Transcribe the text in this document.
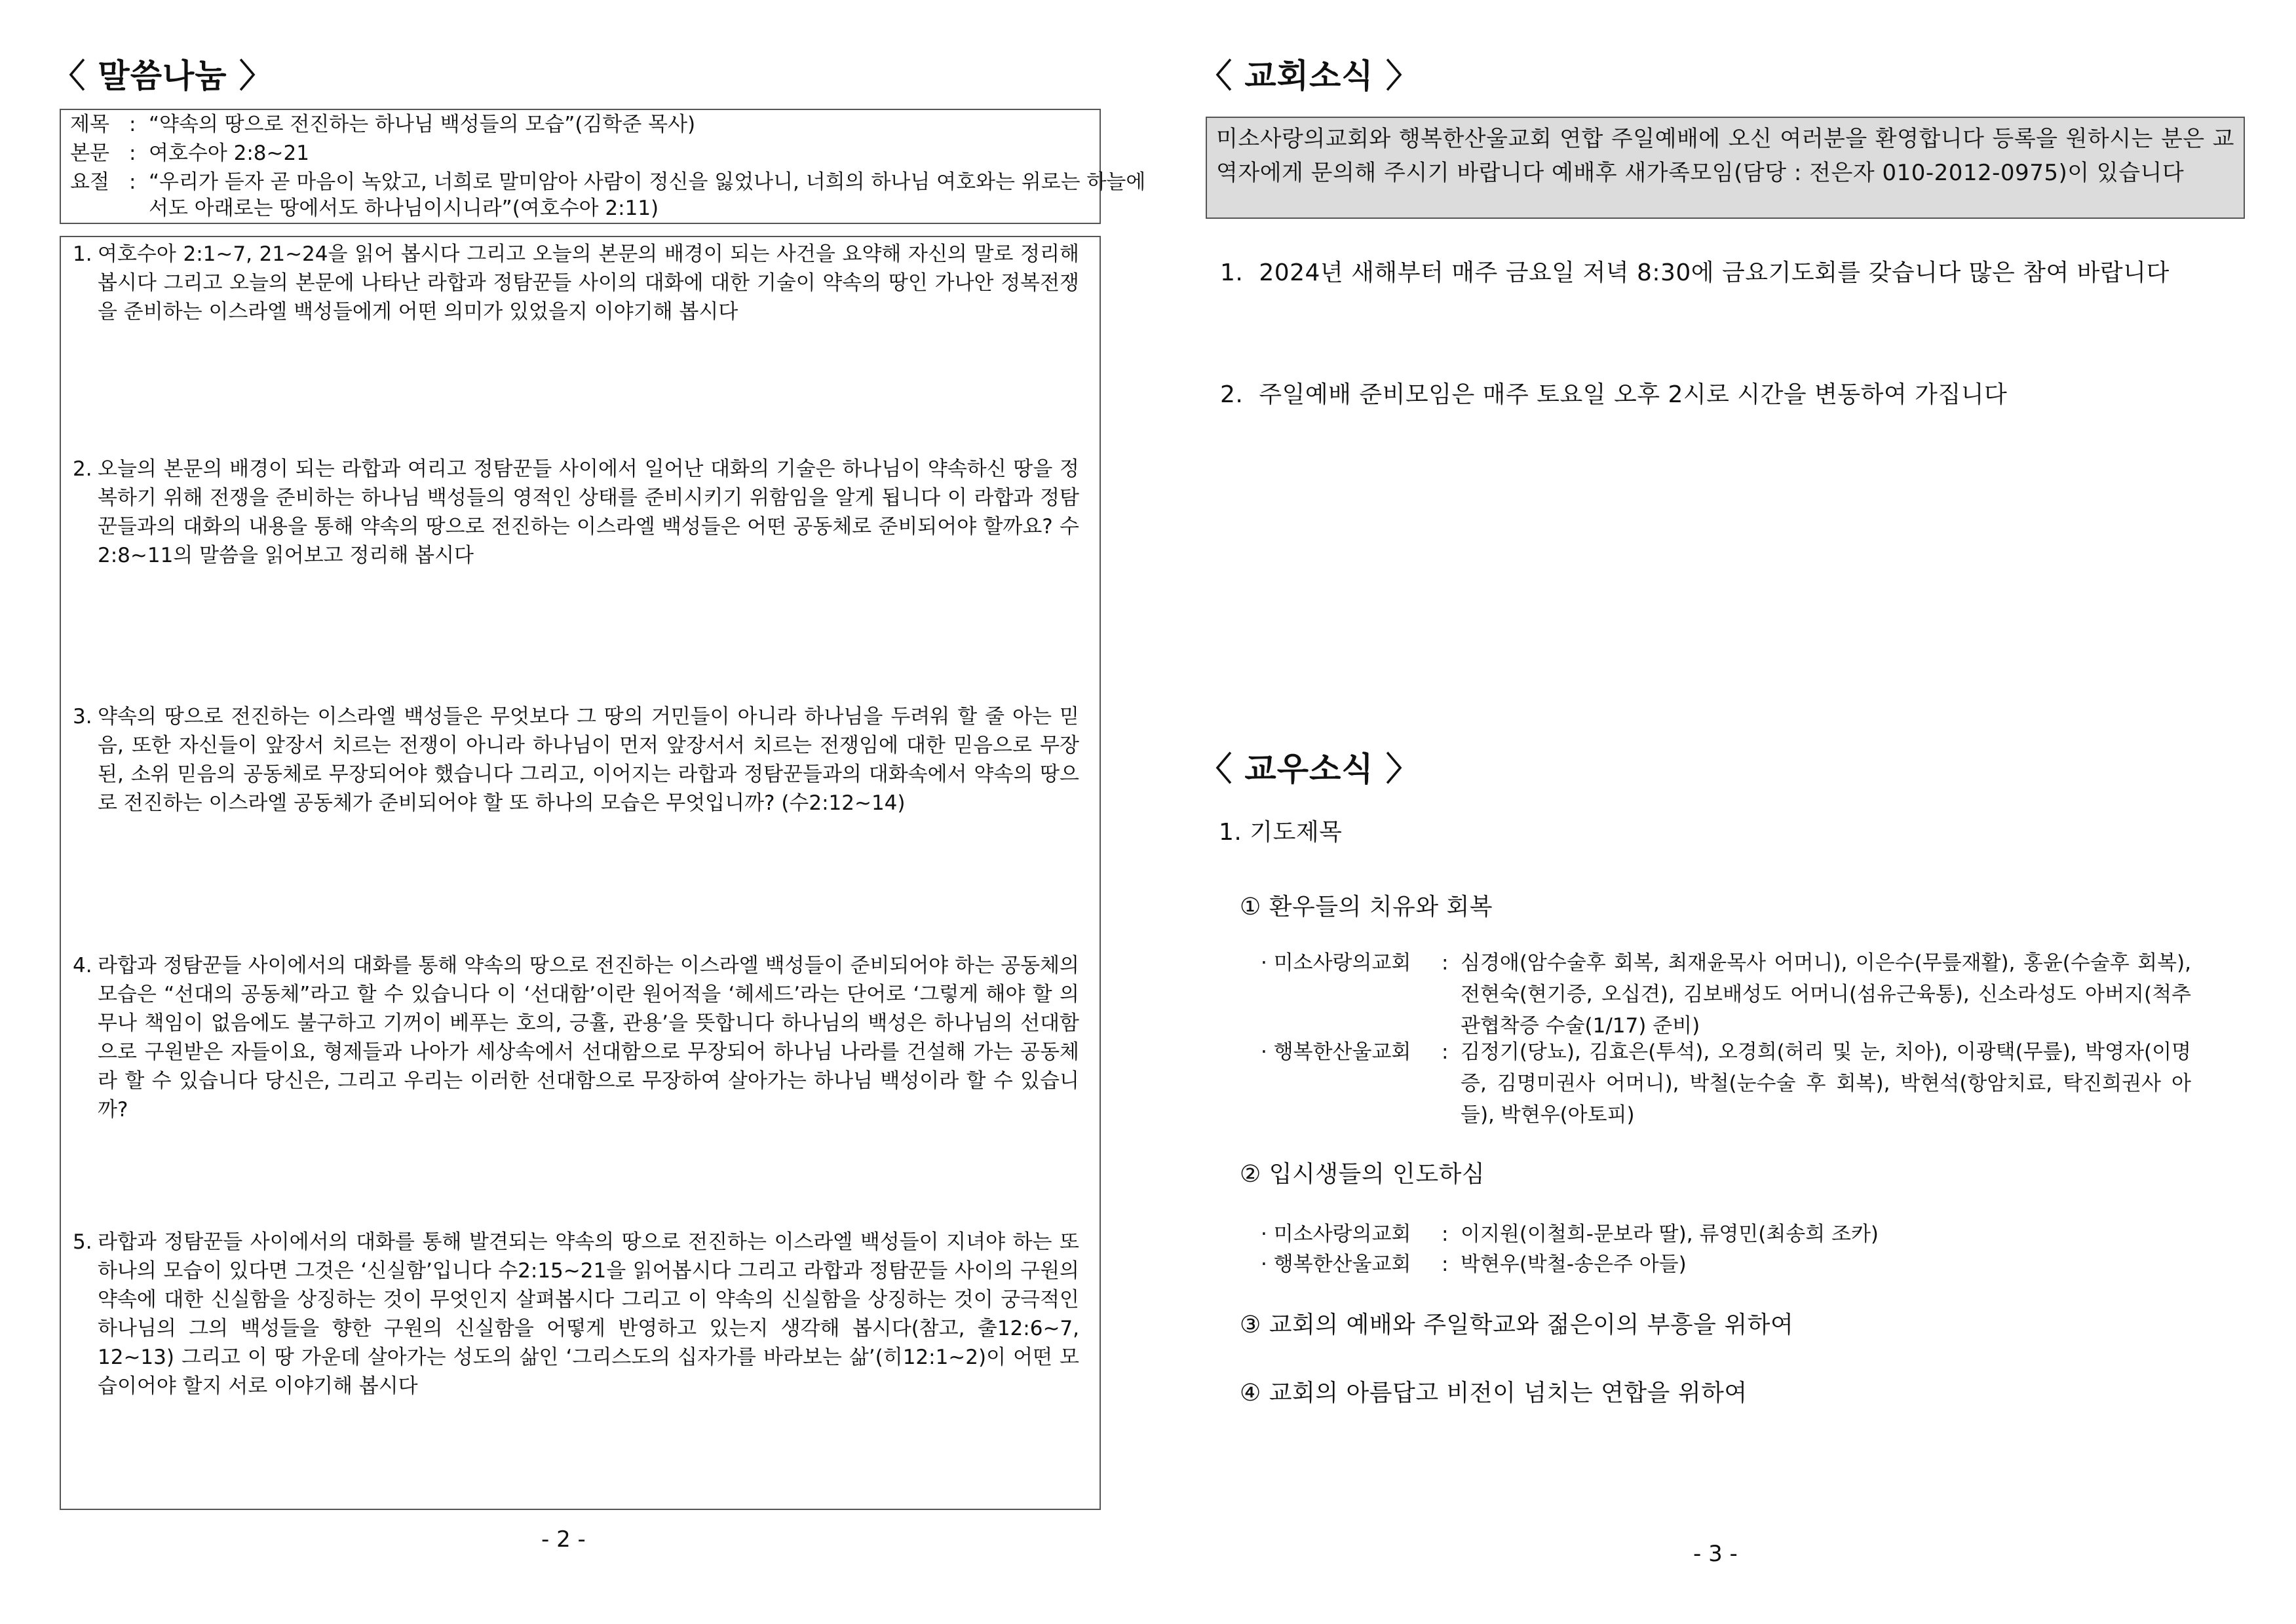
〈 말씀나눔 〉
제목 : “약속의 땅으로 전진하는 하나님 백성들의 모습”(김학준 목사)
본문 : 여호수아 2:8~21
요절 : “우리가 듣자 곧 마음이 녹았고, 너희로 말미암아 사람이 정신을 잃었나니, 너희의 하나님 여호와는 위로는 하늘에
서도 아래로는 땅에서도 하나님이시니라”(여호수아 2:11)
1. 여호수아 2:1~7, 21~24을 읽어 봅시다 그리고 오늘의 본문의 배경이 되는 사건을 요약해 자신의 말로 정리해 봅시다 그리고 오늘의 본문에 나타난 라합과 정탐꾼들 사이의 대화에 대한 기술이 약속의 땅인 가나안 정복전쟁을 준비하는 이스라엘 백성들에게 어떤 의미가 있었을지 이야기해 봅시다
2. 오늘의 본문의 배경이 되는 라합과 여리고 정탐꾼들 사이에서 일어난 대화의 기술은 하나님이 약속하신 땅을 정복하기 위해 전쟁을 준비하는 하나님 백성들의 영적인 상태를 준비시키기 위함임을 알게 됩니다 이 라합과 정탐꾼들과의 대화의 내용을 통해 약속의 땅으로 전진하는 이스라엘 백성들은 어떤 공동체로 준비되어야 할까요? 수2:8~11의 말씀을 읽어보고 정리해 봅시다
3. 약속의 땅으로 전진하는 이스라엘 백성들은 무엇보다 그 땅의 거민들이 아니라 하나님을 두려워 할 줄 아는 믿음, 또한 자신들이 앞장서 치르는 전쟁이 아니라 하나님이 먼저 앞장서서 치르는 전쟁임에 대한 믿음으로 무장된, 소위 믿음의 공동체로 무장되어야 했습니다 그리고, 이어지는 라합과 정탐꾼들과의 대화속에서 약속의 땅으로 전진하는 이스라엘 공동체가 준비되어야 할 또 하나의 모습은 무엇입니까? (수2:12~14)
4. 라합과 정탐꾼들 사이에서의 대화를 통해 약속의 땅으로 전진하는 이스라엘 백성들이 준비되어야 하는 공동체의 모습은 “선대의 공동체”라고 할 수 있습니다 이 ‘선대함’이란 원어적을 ‘헤세드’라는 단어로 ‘그렇게 해야 할 의무나 책임이 없음에도 불구하고 기꺼이 베푸는 호의, 긍휼, 관용’을 뜻합니다 하나님의 백성은 하나님의 선대함으로 구원받은 자들이요, 형제들과 나아가 세상속에서 선대함으로 무장되어 하나님 나라를 건설해 가는 공동체라 할 수 있습니다 당신은, 그리고 우리는 이러한 선대함으로 무장하여 살아가는 하나님 백성이라 할 수 있습니까?
5. 라합과 정탐꾼들 사이에서의 대화를 통해 발견되는 약속의 땅으로 전진하는 이스라엘 백성들이 지녀야 하는 또 하나의 모습이 있다면 그것은 ‘신실함’입니다 수2:15~21을 읽어봅시다 그리고 라합과 정탐꾼들 사이의 구원의 약속에 대한 신실함을 상징하는 것이 무엇인지 살펴봅시다 그리고 이 약속의 신실함을 상징하는 것이 궁극적인 하나님의 그의 백성들을 향한 구원의 신실함을 어떻게 반영하고 있는지 생각해 봅시다(참고, 출12:6~7, 12~13) 그리고 이 땅 가운데 살아가는 성도의 삶인 ‘그리스도의 십자가를 바라보는 삶’(히12:1~2)이 어떤 모습이어야 할지 서로 이야기해 봅시다
- 2 -
〈 교회소식 〉
미소사랑의교회와 행복한산울교회 연합 주일예배에 오신 여러분을 환영합니다 등록을 원하시는 분은 교역자에게 문의해 주시기 바랍니다 예배후 새가족모임(담당 : 전은자 010-2012-0975)이 있습니다
1. 2024년 새해부터 매주 금요일 저녁 8:30에 금요기도회를 갖습니다 많은 참여 바랍니다
2. 주일예배 준비모임은 매주 토요일 오후 2시로 시간을 변동하여 가집니다
〈 교우소식 〉
1. 기도제목
① 환우들의 치유와 회복
· 미소사랑의교회 : 심경애(암수술후 회복, 최재윤목사 어머니), 이은수(무릎재활), 홍윤(수술후 회복), 전현숙(현기증, 오십견), 김보배성도 어머니(섬유근육통), 신소라성도 아버지(척추관협착증 수술(1/17) 준비)
· 행복한산울교회 : 김정기(당뇨), 김효은(투석), 오경희(허리 및 눈, 치아), 이광택(무릎), 박영자(이명증, 김명미권사 어머니), 박철(눈수술 후 회복), 박현석(항암치료, 탁진희권사 아들), 박현우(아토피)
② 입시생들의 인도하심
· 미소사랑의교회 : 이지원(이철희-문보라 딸), 류영민(최송희 조카)
· 행복한산울교회 : 박현우(박철-송은주 아들)
③ 교회의 예배와 주일학교와 젊은이의 부흥을 위하여
④ 교회의 아름답고 비전이 넘치는 연합을 위하여
- 3 -
